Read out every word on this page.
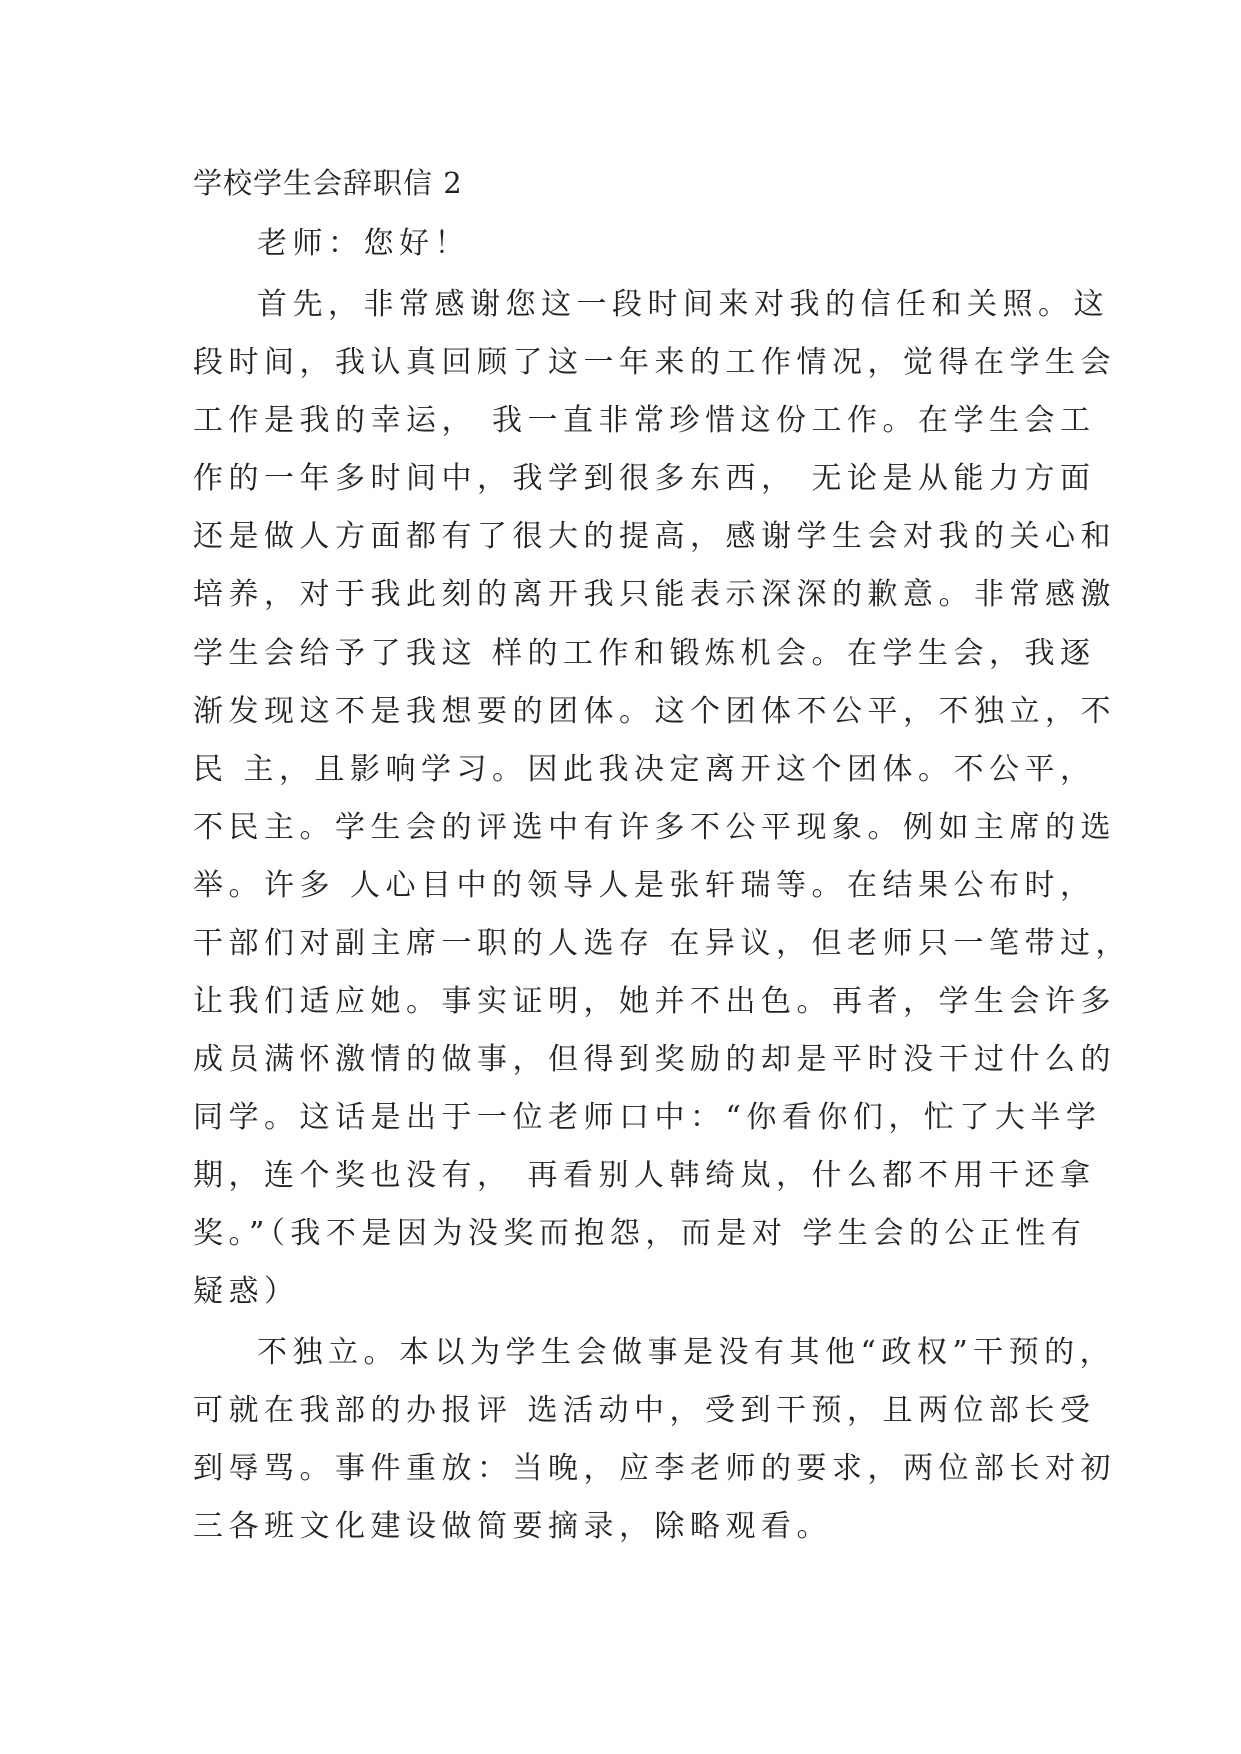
学校学生会辞职信 2

老师：您好！

首先，非常感谢您这一段时间来对我的信任和关照。这

段时间，我认真回顾了这一年来的工作情况，觉得在学生会

工作是我的幸运， 我一直非常珍惜这份工作。在学生会工

作的一年多时间中，我学到很多东西， 无论是从能力方面

还是做人方面都有了很大的提高，感谢学生会对我的关心和

培养，对于我此刻的离开我只能表示深深的歉意。非常感激

学生会给予了我这 样的工作和锻炼机会。在学生会，我逐

渐发现这不是我想要的团体。这个团体不公平，不独立，不

民 主，且影响学习。因此我决定离开这个团体。不公平，

不民主。学生会的评选中有许多不公平现象。例如主席的选

举。许多 人心目中的领导人是张轩瑞等。在结果公布时，

干部们对副主席一职的人选存 在异议，但老师只一笔带过，

让我们适应她。事实证明，她并不出色。再者，学生会许多

成员满怀激情的做事，但得到奖励的却是平时没干过什么的

同学。这话是出于一位老师口中：“你看你们，忙了大半学

期，连个奖也没有， 再看别人韩绮岚，什么都不用干还拿

奖。”（我不是因为没奖而抱怨，而是对 学生会的公正性有

疑惑）

不独立。本以为学生会做事是没有其他“政权”干预的，

可就在我部的办报评 选活动中，受到干预，且两位部长受

到辱骂。事件重放：当晚，应李老师的要求，两位部长对初

三各班文化建设做简要摘录，除略观看。
